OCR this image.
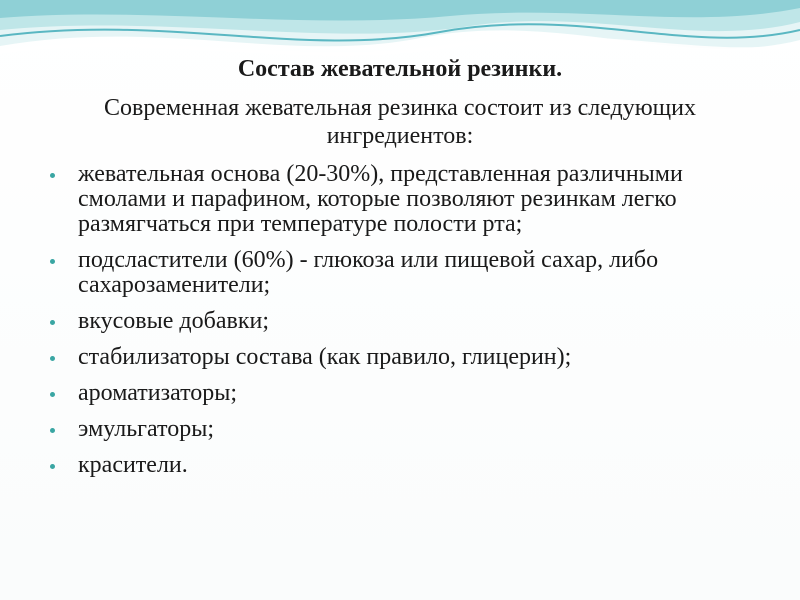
Состав жевательной резинки.

Современная жевательная резинка состоит из следующих ингредиентов:

жевательная основа (20-30%), представленная различными смолами и парафином, которые позволяют резинкам легко размягчаться при температуре полости рта;
подсластители (60%) - глюкоза или пищевой сахар, либо сахарозаменители;
вкусовые добавки;
стабилизаторы состава (как правило, глицерин);
ароматизаторы;
эмульгаторы;
красители.
